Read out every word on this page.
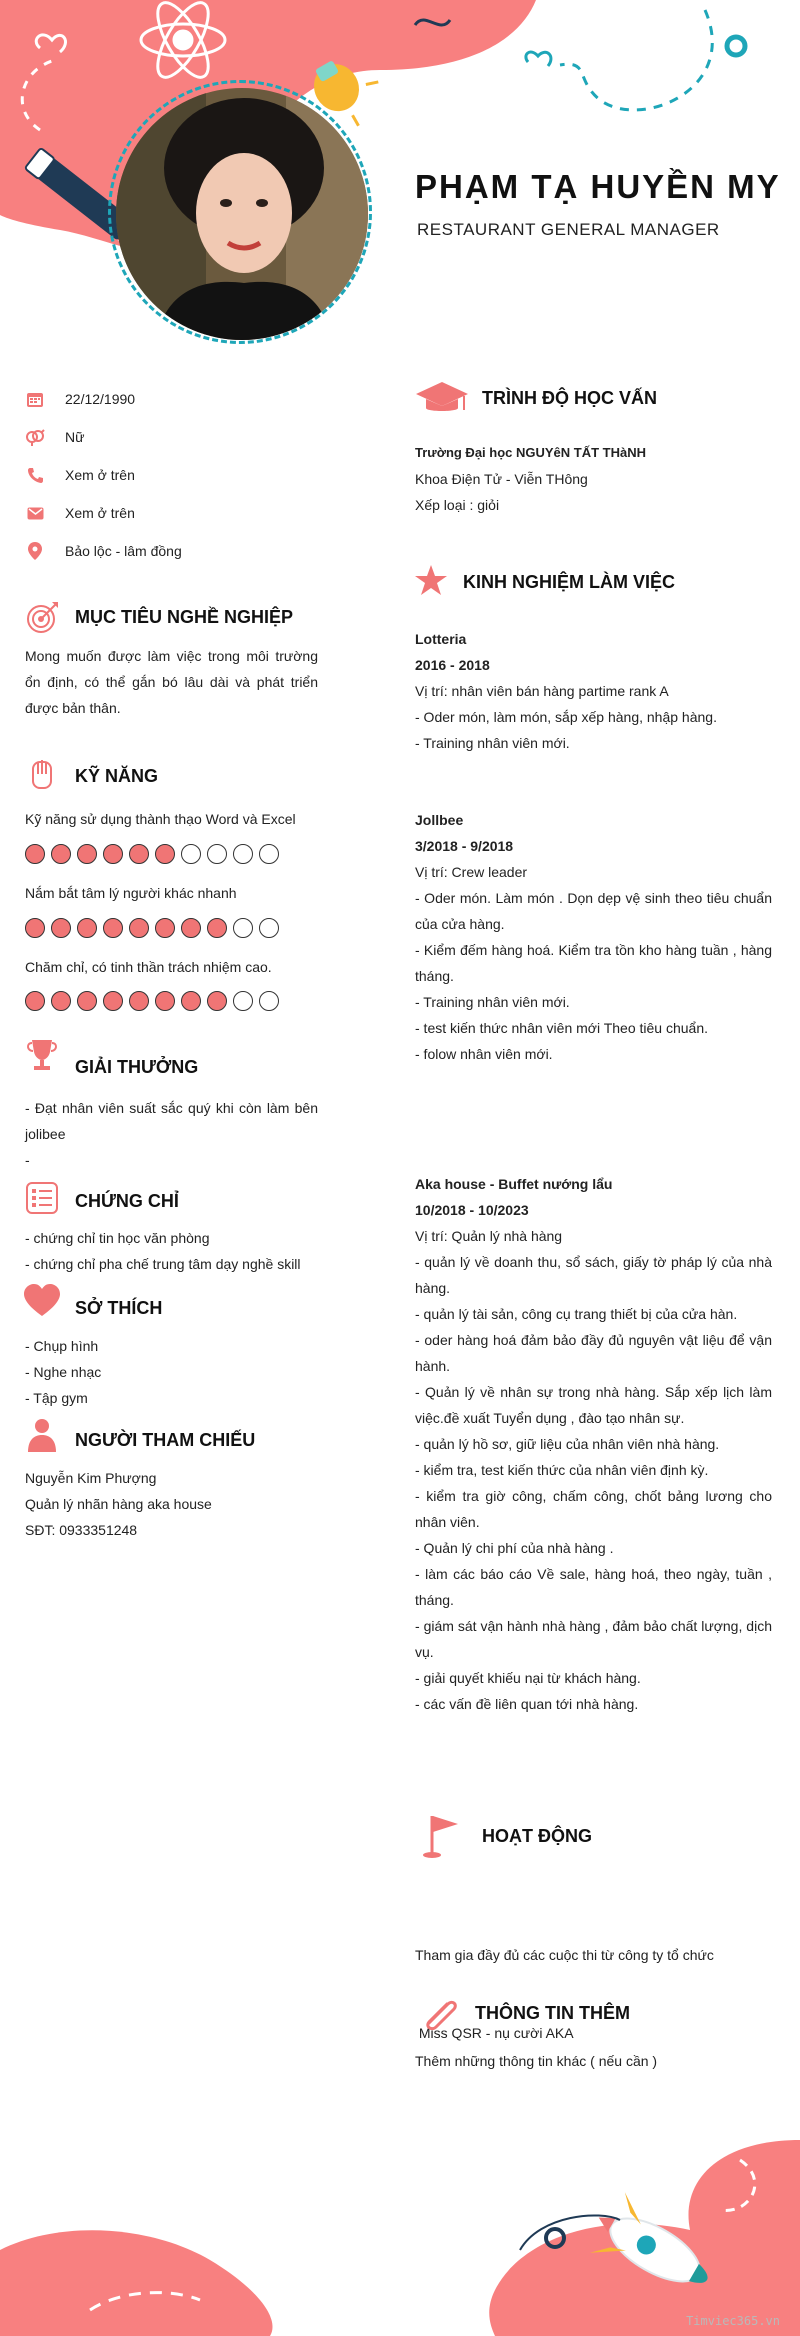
PHẠM TẠ HUYỀN MY
RESTAURANT GENERAL MANAGER
22/12/1990
Nữ
Xem ở trên
Xem ở trên
Bảo lộc - lâm đồng
MỤC TIÊU NGHỀ NGHIỆP
Mong muốn được làm việc trong môi trường
ổn định, có thể gắn bó lâu dài và phát triển
được bản thân.
KỸ NĂNG
Kỹ năng sử dụng thành thạo Word và Excel
Nắm bắt tâm lý người khác nhanh
Chăm chỉ, có tinh thần trách nhiệm cao.
GIẢI THƯỞNG
- Đạt nhân viên suất sắc quý khi còn làm bên
jolibee
-
CHỨNG CHỈ
- chứng chỉ tin học văn phòng
- chứng chỉ pha chế trung tâm dạy nghề skill
SỞ THÍCH
- Chụp hình
- Nghe nhạc
- Tập gym
NGƯỜI THAM CHIẾU
Nguyễn Kim Phượng
Quản lý nhãn hàng aka house
SĐT: 0933351248
TRÌNH ĐỘ HỌC VẤN
Trường Đại học NGUYêN TẤT THàNH
Khoa Điện Tử - Viễn THông
Xếp loại : giỏi
KINH NGHIỆM LÀM VIỆC
Lotteria
2016 - 2018
Vị trí: nhân viên bán hàng partime rank A
- Oder món, làm món, sắp xếp hàng, nhập hàng.
- Training nhân viên mới.
Jollbee
3/2018 - 9/2018
Vị trí: Crew leader
- Oder món. Làm món . Dọn dẹp vệ sinh theo tiêu chuẩn
của cửa hàng.
- Kiểm đếm hàng hoá. Kiểm tra tồn kho hàng tuần , hàng
tháng.
- Training nhân viên mới.
- test kiến thức nhân viên mới Theo tiêu chuẩn.
- folow nhân viên mới.
Aka house - Buffet nướng lẩu
10/2018 - 10/2023
Vị trí: Quản lý nhà hàng
- quản lý về doanh thu, sổ sách, giấy tờ pháp lý của nhà
hàng.
- quản lý tài sản, công cụ trang thiết bị của cửa hàn.
- oder hàng hoá đảm bảo đầy đủ nguyên vật liệu để vận
hành.
- Quản lý về nhân sự trong nhà hàng. Sắp xếp lịch làm
việc.đề xuất Tuyển dụng , đào tạo nhân sự.
- quản lý hồ sơ, giữ liệu của nhân viên nhà hàng.
- kiểm tra, test kiến thức của nhân viên định kỳ.
- kiểm tra giờ công, chấm công, chốt bảng lương cho
nhân viên.
- Quản lý chi phí của nhà hàng .
- làm các báo cáo Về sale, hàng hoá, theo ngày, tuần ,
tháng.
- giám sát vận hành nhà hàng , đảm bảo chất lượng, dịch
vụ.
- giải quyết khiếu nại từ khách hàng.
- các vấn đề liên quan tới nhà hàng.
HOẠT ĐỘNG

Tham gia đầy đủ các cuộc thi từ công ty tổ chức

Miss QSR - nụ cười AKA

THÔNG TIN THÊM
Thêm những thông tin khác ( nếu cần )
Timviec365.vn
